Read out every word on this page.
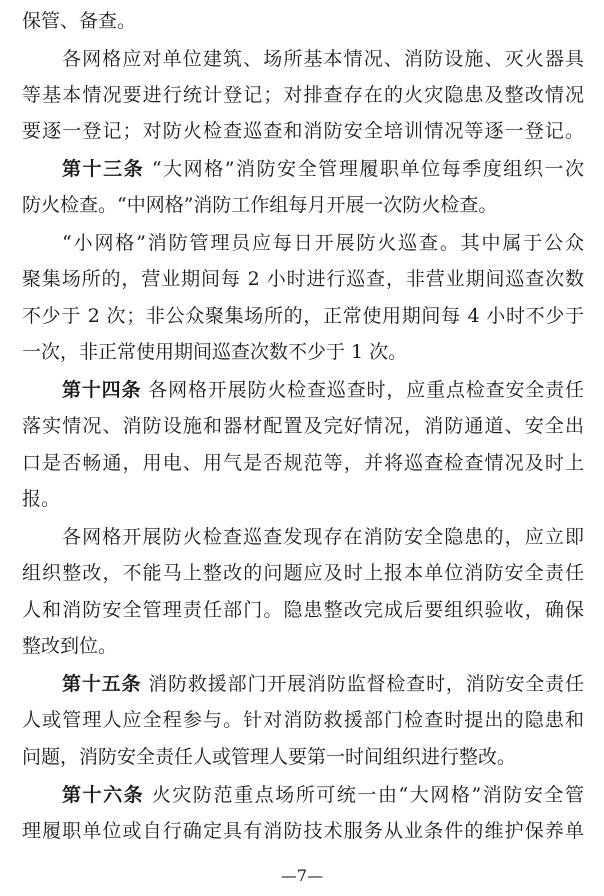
保管、备查。
各网格应对单位建筑、场所基本情况、消防设施、灭火器具
等基本情况要进行统计登记；对排查存在的火灾隐患及整改情况
要逐一登记；对防火检查巡查和消防安全培训情况等逐一登记。
第十三条 “大网格”消防安全管理履职单位每季度组织一次
防火检查。“中网格”消防工作组每月开展一次防火检查。
“小网格”消防管理员应每日开展防火巡查。其中属于公众
聚集场所的，营业期间每 2 小时进行巡查，非营业期间巡查次数
不少于 2 次；非公众聚集场所的，正常使用期间每 4 小时不少于
一次，非正常使用期间巡查次数不少于 1 次。
第十四条 各网格开展防火检查巡查时，应重点检查安全责任
落实情况、消防设施和器材配置及完好情况，消防通道、安全出
口是否畅通，用电、用气是否规范等，并将巡查检查情况及时上
报。
各网格开展防火检查巡查发现存在消防安全隐患的，应立即
组织整改，不能马上整改的问题应及时上报本单位消防安全责任
人和消防安全管理责任部门。隐患整改完成后要组织验收，确保
整改到位。
第十五条 消防救援部门开展消防监督检查时，消防安全责任
人或管理人应全程参与。针对消防救援部门检查时提出的隐患和
问题，消防安全责任人或管理人要第一时间组织进行整改。
第十六条 火灾防范重点场所可统一由“大网格”消防安全管
理履职单位或自行确定具有消防技术服务从业条件的维护保养单
—7—
